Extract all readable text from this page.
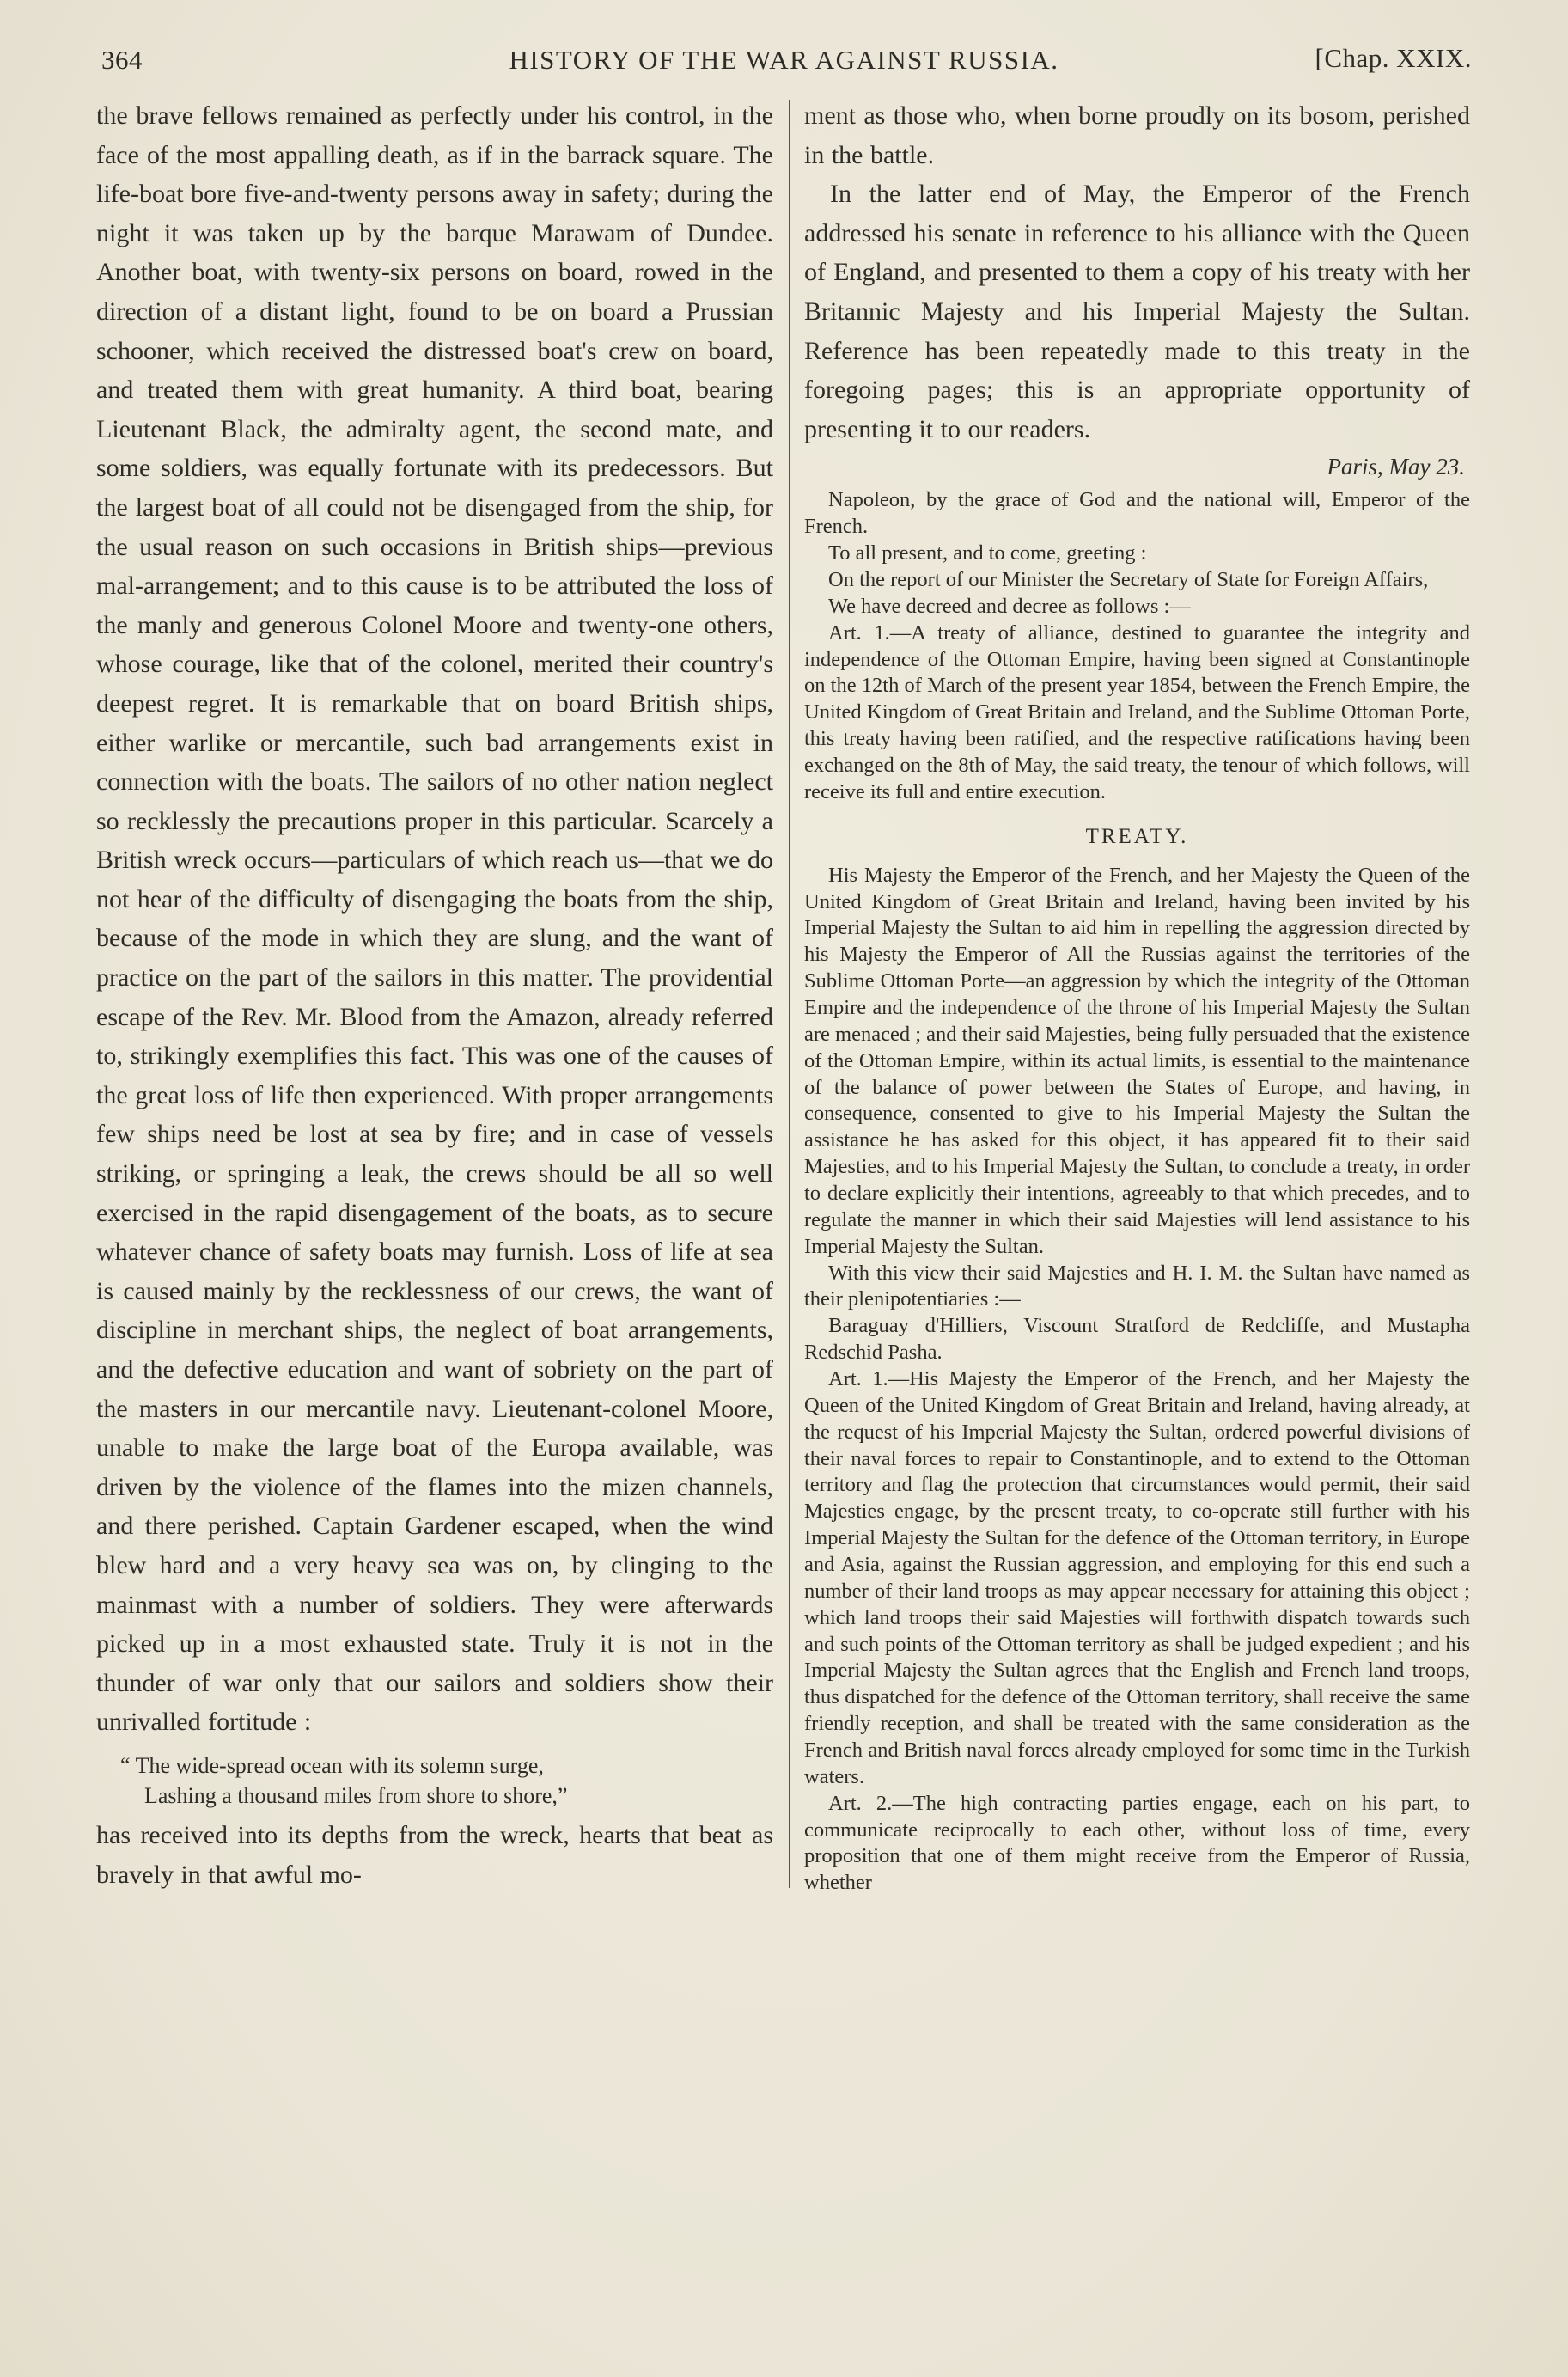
364	HISTORY OF THE WAR AGAINST RUSSIA.	[Chap. XXIX.

the brave fellows remained as perfectly under his control, in the face of the most appalling death, as if in the barrack square. The life-boat bore five-and-twenty persons away in safety; during the night it was taken up by the barque Marawam of Dundee. Another boat, with twenty-six persons on board, rowed in the direction of a distant light, found to be on board a Prussian schooner, which received the distressed boat's crew on board, and treated them with great humanity. A third boat, bearing Lieutenant Black, the admiralty agent, the second mate, and some soldiers, was equally fortunate with its predecessors. But the largest boat of all could not be disengaged from the ship, for the usual reason on such occasions in British ships—previous mal-arrangement; and to this cause is to be attributed the loss of the manly and generous Colonel Moore and twenty-one others, whose courage, like that of the colonel, merited their country's deepest regret. It is remarkable that on board British ships, either warlike or mercantile, such bad arrangements exist in connection with the boats. The sailors of no other nation neglect so recklessly the precautions proper in this particular. Scarcely a British wreck occurs—particulars of which reach us—that we do not hear of the difficulty of disengaging the boats from the ship, because of the mode in which they are slung, and the want of practice on the part of the sailors in this matter. The providential escape of the Rev. Mr. Blood from the Amazon, already referred to, strikingly exemplifies this fact. This was one of the causes of the great loss of life then experienced. With proper arrangements few ships need be lost at sea by fire; and in case of vessels striking, or springing a leak, the crews should be all so well exercised in the rapid disengagement of the boats, as to secure whatever chance of safety boats may furnish. Loss of life at sea is caused mainly by the recklessness of our crews, the want of discipline in merchant ships, the neglect of boat arrangements, and the defective education and want of sobriety on the part of the masters in our mercantile navy. Lieutenant-colonel Moore, unable to make the large boat of the Europa available, was driven by the violence of the flames into the mizen channels, and there perished. Captain Gardener escaped, when the wind blew hard and a very heavy sea was on, by clinging to the mainmast with a number of soldiers. They were afterwards picked up in a most exhausted state. Truly it is not in the thunder of war only that our sailors and soldiers show their unrivalled fortitude :

“ The wide-spread ocean with its solemn surge,
Lashing a thousand miles from shore to shore,”

has received into its depths from the wreck, hearts that beat as bravely in that awful mo-

ment as those who, when borne proudly on its bosom, perished in the battle.

In the latter end of May, the Emperor of the French addressed his senate in reference to his alliance with the Queen of England, and presented to them a copy of his treaty with her Britannic Majesty and his Imperial Majesty the Sultan. Reference has been repeatedly made to this treaty in the foregoing pages; this is an appropriate opportunity of presenting it to our readers.

Paris, May 23.

Napoleon, by the grace of God and the national will, Emperor of the French.

To all present, and to come, greeting :

On the report of our Minister the Secretary of State for Foreign Affairs,

We have decreed and decree as follows :—

Art. 1.—A treaty of alliance, destined to guarantee the integrity and independence of the Ottoman Empire, having been signed at Constantinople on the 12th of March of the present year 1854, between the French Empire, the United Kingdom of Great Britain and Ireland, and the Sublime Ottoman Porte, this treaty having been ratified, and the respective ratifications having been exchanged on the 8th of May, the said treaty, the tenour of which follows, will receive its full and entire execution.

TREATY.

His Majesty the Emperor of the French, and her Majesty the Queen of the United Kingdom of Great Britain and Ireland, having been invited by his Imperial Majesty the Sultan to aid him in repelling the aggression directed by his Majesty the Emperor of All the Russias against the territories of the Sublime Ottoman Porte—an aggression by which the integrity of the Ottoman Empire and the independence of the throne of his Imperial Majesty the Sultan are menaced ; and their said Majesties, being fully persuaded that the existence of the Ottoman Empire, within its actual limits, is essential to the maintenance of the balance of power between the States of Europe, and having, in consequence, consented to give to his Imperial Majesty the Sultan the assistance he has asked for this object, it has appeared fit to their said Majesties, and to his Imperial Majesty the Sultan, to conclude a treaty, in order to declare explicitly their intentions, agreeably to that which precedes, and to regulate the manner in which their said Majesties will lend assistance to his Imperial Majesty the Sultan.

With this view their said Majesties and H. I. M. the Sultan have named as their plenipotentiaries :—

Baraguay d'Hilliers, Viscount Stratford de Redcliffe, and Mustapha Redschid Pasha.

Art. 1.—His Majesty the Emperor of the French, and her Majesty the Queen of the United Kingdom of Great Britain and Ireland, having already, at the request of his Imperial Majesty the Sultan, ordered powerful divisions of their naval forces to repair to Constantinople, and to extend to the Ottoman territory and flag the protection that circumstances would permit, their said Majesties engage, by the present treaty, to co-operate still further with his Imperial Majesty the Sultan for the defence of the Ottoman territory, in Europe and Asia, against the Russian aggression, and employing for this end such a number of their land troops as may appear necessary for attaining this object ; which land troops their said Majesties will forthwith dispatch towards such and such points of the Ottoman territory as shall be judged expedient ; and his Imperial Majesty the Sultan agrees that the English and French land troops, thus dispatched for the defence of the Ottoman territory, shall receive the same friendly reception, and shall be treated with the same consideration as the French and British naval forces already employed for some time in the Turkish waters.

Art. 2.—The high contracting parties engage, each on his part, to communicate reciprocally to each other, without loss of time, every proposition that one of them might receive from the Emperor of Russia, whether
